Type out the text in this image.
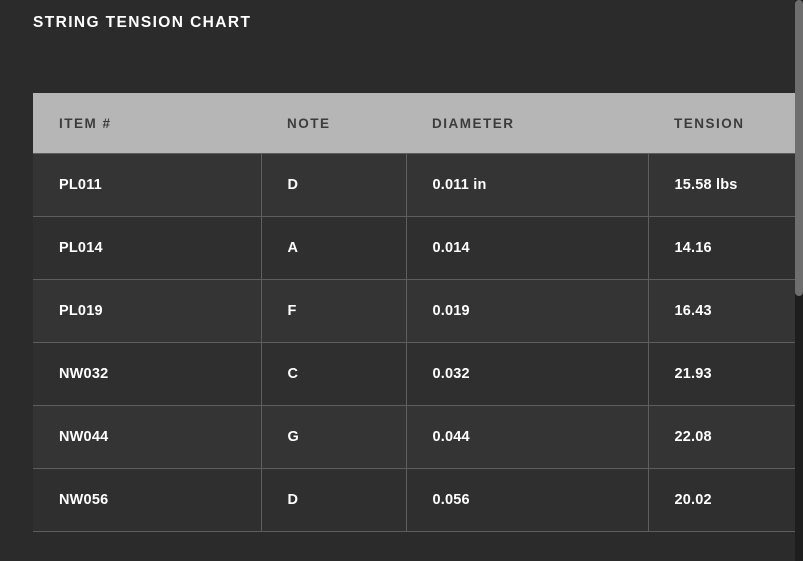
STRING TENSION CHART
ITEM #	NOTE	DIAMETER	TENSION
PL011	D	0.011 in	15.58 lbs
PL014	A	0.014	14.16
PL019	F	0.019	16.43
NW032	C	0.032	21.93
NW044	G	0.044	22.08
NW056	D	0.056	20.02
